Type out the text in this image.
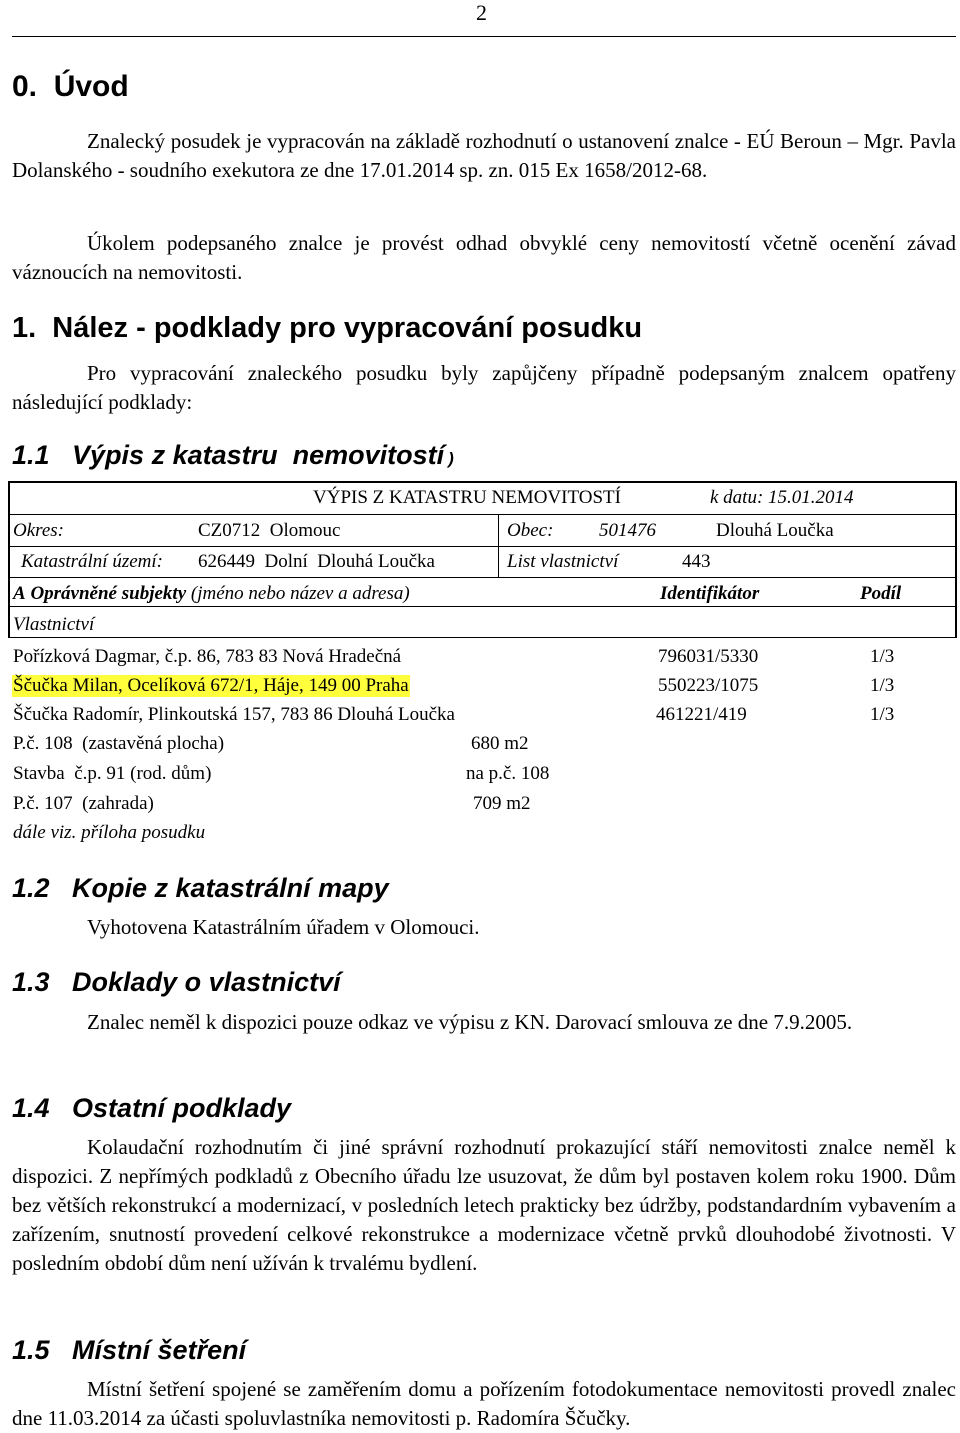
2
0.  Úvod
Znalecký posudek je vypracován na základě rozhodnutí o ustanovení znalce - EÚ Beroun – Mgr. Pavla Dolanského - soudního exekutora ze dne 17.01.2014 sp. zn. 015 Ex 1658/2012-68.
Úkolem podepsaného znalce je provést odhad obvyklé ceny nemovitostí včetně ocenění závad váznoucích na nemovitosti.
1.  Nález - podklady pro vypracování posudku
Pro vypracování znaleckého posudku byly zapůjčeny případně podepsaným znalcem opatřeny následující podklady:
1.1   Výpis z katastru  nemovitostí )
VÝPIS Z KATASTRU NEMOVITOSTÍ	k datu: 15.01.2014
Okres:	CZ0712  Olomouc	Obec: 501476	Dlouhá Loučka
Katastrální území: 626449  Dolní  Dlouhá Loučka	List vlastnictví	443
A Oprávněné subjekty (jméno nebo název a adresa)	Identifikátor	Podíl
Vlastnictví
Pořízková Dagmar, č.p. 86, 783 83 Nová Hradečná	796031/5330	1/3
Ščučka Milan, Ocelíková 672/1, Háje, 149 00 Praha	550223/1075	1/3
Ščučka Radomír, Plinkoutská 157, 783 86 Dlouhá Loučka	461221/419	1/3
P.č. 108  (zastavěná plocha)	680 m2
Stavba  č.p. 91 (rod. dům)	na p.č. 108
P.č. 107  (zahrada)	709 m2
dále viz. příloha posudku
1.2   Kopie z katastrální mapy
Vyhotovena Katastrálním úřadem v Olomouci.
1.3   Doklady o vlastnictví
Znalec neměl k dispozici pouze odkaz ve výpisu z KN. Darovací smlouva ze dne 7.9.2005.
1.4   Ostatní podklady
Kolaudační rozhodnutím či jiné správní rozhodnutí prokazující stáří nemovitosti znalce neměl k dispozici. Z nepřímých podkladů z Obecního úřadu lze usuzovat, že dům byl postaven kolem roku 1900. Dům bez větších rekonstrukcí a modernizací, v posledních letech prakticky bez údržby, podstandardním vybavením a zařízením, snutností provedení celkové rekonstrukce a modernizace včetně prvků dlouhodobé životnosti. V posledním období dům není užíván k trvalému bydlení.
1.5   Místní šetření
Místní šetření spojené se zaměřením domu a pořízením fotodokumentace nemovitosti provedl znalec dne 11.03.2014 za účasti spoluvlastníka nemovitosti p. Radomíra Ščučky.
